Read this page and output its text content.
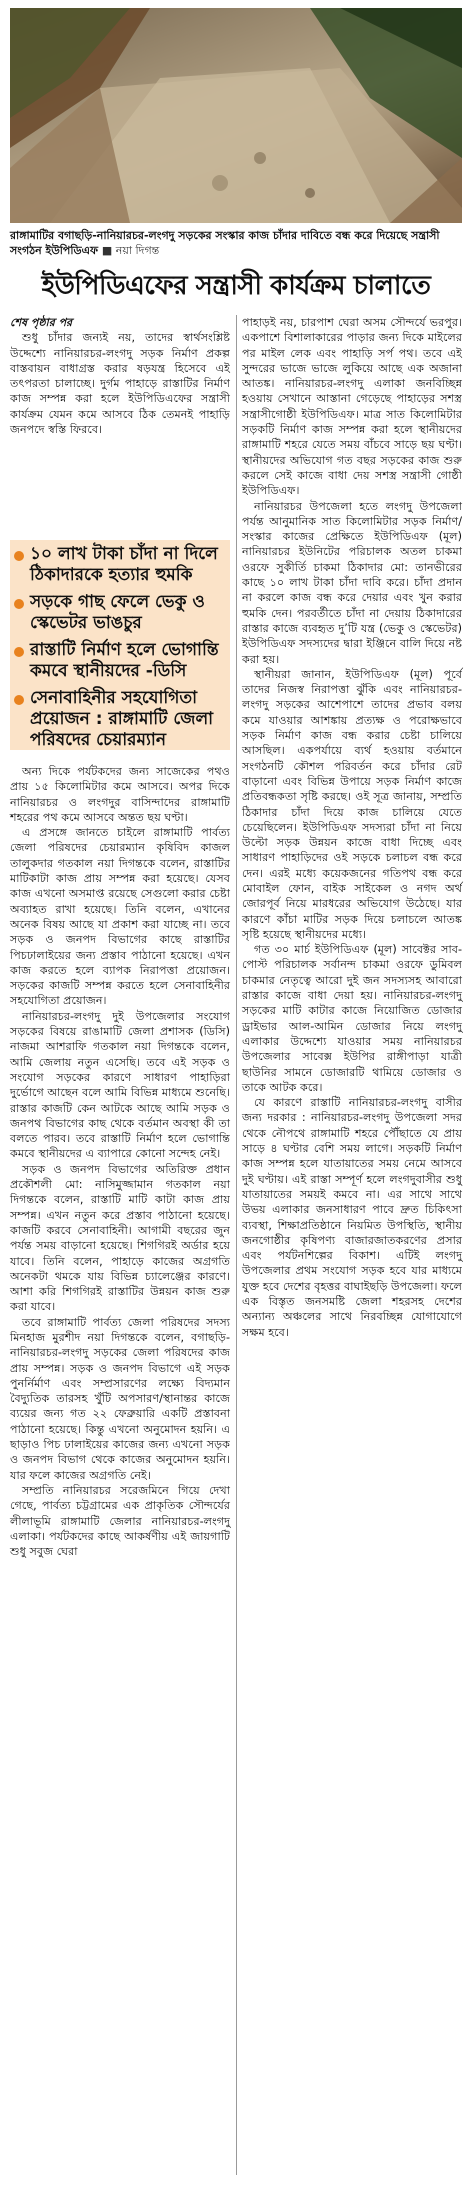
রাঙ্গামাটির বগাছড়ি-নানিয়ারচর-লংগদু সড়কের সংস্কার কাজ চাঁদার দাবিতে বন্ধ করে দিয়েছে সন্ত্রাসী সংগঠন ইউপিডিএফ ■ নয়া দিগন্ত
ইউপিডিএফের সন্ত্রাসী কার্যক্রম চালাতে

শেষ পৃষ্ঠার পর

শুধু চাঁদার জন্যই নয়, তাদের স্বার্থসংশ্লিষ্ট উদ্দেশ্যে নানিয়ারচর-লংগদু সড়ক নির্মাণ প্রকল্প বাস্তবায়ন বাধাগ্রস্ত করার ষড়যন্ত্র হিসেবে এই তৎপরতা চালাচ্ছে। দুর্গম পাহাড়ে রাস্তাটির নির্মাণ কাজ সম্পন্ন করা হলে ইউপিডিএফের সন্ত্রাসী কার্যক্রম যেমন কমে আসবে ঠিক তেমনই পাহাড়ি জনপদে স্বস্তি ফিরবে।

১০ লাখ টাকা চাঁদা না দিলে ঠিকাদারকে হত্যার হুমকি
সড়কে গাছ ফেলে ভেকু ও স্কেভেটর ভাঙচুর
রাস্তাটি নির্মাণ হলে ভোগান্তি কমবে স্থানীয়দের -ডিসি
সেনাবাহিনীর সহযোগিতা প্রয়োজন : রাঙ্গামাটি জেলা পরিষদের চেয়ারম্যান

অন্য দিকে পর্যটকদের জন্য সাজেকের পথও প্রায় ১৫ কিলোমিটার কমে আসবে। অপর দিকে নানিয়ারচর ও লংগদুর বাসিন্দাদের রাঙ্গামাটি শহরের পথ কমে আসবে অন্তত ছয় ঘণ্টা।

এ প্রসঙ্গে জানতে চাইলে রাঙ্গামাটি পার্বত্য জেলা পরিষদের চেয়ারম্যান কৃষিবিদ কাজল তালুকদার গতকাল নয়া দিগন্তকে বলেন, রাস্তাটির মাটিকাটা কাজ প্রায় সম্পন্ন করা হয়েছে। যেসব কাজ এখনো অসমাপ্ত রয়েছে সেগুলো করার চেষ্টা অব্যাহত রাখা হয়েছে। তিনি বলেন, এখানের অনেক বিষয় আছে যা প্রকাশ করা যাচ্ছে না। তবে সড়ক ও জনপদ বিভাগের কাছে রাস্তাটির পিচঢালাইয়ের জন্য প্রস্তাব পাঠানো হয়েছে। এখন কাজ করতে হলে ব্যাপক নিরাপত্তা প্রয়োজন। সড়কের কাজটি সম্পন্ন করতে হলে সেনাবাহিনীর সহযোগিতা প্রয়োজন।

নানিয়ারচর-লংগদু দুই উপজেলার সংযোগ সড়কের বিষয়ে রাঙামাটি জেলা প্রশাসক (ডিসি) নাজমা আশরাফি গতকাল নয়া দিগন্তকে বলেন, আমি জেলায় নতুন এসেছি। তবে এই সড়ক ও সংযোগ সড়কের কারণে সাধারণ পাহাড়িরা দুর্ভোগে আছেন বলে আমি বিভিন্ন মাধ্যমে শুনেছি। রাস্তার কাজটি কেন আটকে আছে আমি সড়ক ও জনপথ বিভাগের কাছ থেকে বর্তমান অবস্থা কী তা বলতে পারব। তবে রাস্তাটি নির্মাণ হলে ভোগান্তি কমবে স্থানীয়দের এ ব্যাপারে কোনো সন্দেহ নেই।

সড়ক ও জনপদ বিভাগের অতিরিক্ত প্রধান প্রকৌশলী মো: নাসিমুজ্জামান গতকাল নয়া দিগন্তকে বলেন, রাস্তাটি মাটি কাটা কাজ প্রায় সম্পন্ন। এখন নতুন করে প্রস্তাব পাঠানো হয়েছে। কাজটি করবে সেনাবাহিনী। আগামী বছরের জুন পর্যন্ত সময় বাড়ানো হয়েছে। শিগগিরই অর্ডার হয়ে যাবে। তিনি বলেন, পাহাড়ে কাজের অগ্রগতি অনেকটা থমকে যায় বিভিন্ন চ্যালেঞ্জের কারণে। আশা করি শিগগিরই রাস্তাটির উন্নয়ন কাজ শুরু করা যাবে।

তবে রাঙ্গামাটি পার্বত্য জেলা পরিষদের সদস্য মিনহাজ মুরশীদ নয়া দিগন্তকে বলেন, বগাছড়ি-নানিয়ারচর-লংগদু সড়কের জেলা পরিষদের কাজ প্রায় সম্পন্ন। সড়ক ও জনপদ বিভাগে এই সড়ক পুনর্নির্মাণ এবং সম্প্রসারণের লক্ষ্যে বিদ্যমান বৈদ্যুতিক তারসহ খুঁটি অপসারণ/স্থানান্তর কাজে ব্যয়ের জন্য গত ২২ ফেব্রুয়ারি একটি প্রস্তাবনা পাঠানো হয়েছে। কিন্তু এখনো অনুমোদন হয়নি। এ ছাড়াও পিচ ঢালাইয়ের কাজের জন্য এখনো সড়ক ও জনপদ বিভাগ থেকে কাজের অনুমোদন হয়নি। যার ফলে কাজের অগ্রগতি নেই।

সম্প্রতি নানিয়ারচর সরেজমিনে গিয়ে দেখা গেছে, পার্বত্য চট্টগ্রামের এক প্রাকৃতিক সৌন্দর্যের লীলাভূমি রাঙ্গামাটি জেলার নানিয়ারচর-লংগদু এলাকা। পর্যটকদের কাছে আকর্ষণীয় এই জায়গাটি শুধু সবুজ ঘেরা

পাহাড়ই নয়, চারপাশ ঘেরা অসম সৌন্দর্যে ভরপুর। একপাশে বিশালাকারের পাড়ার জন্য দিকে মাইলের পর মাইল লেক এবং পাহাড়ি সর্প পথ। তবে এই সুন্দরের ভাজে ভাজে লুকিয়ে আছে এক অজানা আতঙ্ক। নানিয়ারচর-লংগদু এলাকা জনবিচ্ছিন্ন হওয়ায় সেখানে আস্তানা গেড়েছে পাহাড়ের সশস্ত্র সন্ত্রাসীগোষ্ঠী ইউপিডিএফ। মাত্র সাত কিলোমিটার সড়কটি নির্মাণ কাজ সম্পন্ন করা হলে স্থানীয়দের রাঙ্গামাটি শহরে যেতে সময় বাঁচবে সাড়ে ছয় ঘণ্টা। স্থানীয়দের অভিযোগ গত বছর সড়কের কাজ শুরু করলে সেই কাজে বাধা দেয় সশস্ত্র সন্ত্রাসী গোষ্ঠী ইউপিডিএফ।

নানিয়ারচর উপজেলা হতে লংগদু উপজেলা পর্যন্ত আনুমানিক সাত কিলোমিটার সড়ক নির্মাণ/সংস্কার কাজের প্রেক্ষিতে ইউপিডিএফ (মূল) নানিয়ারচর ইউনিটের পরিচালক অতল চাকমা ওরফে সুকীর্তি চাকমা ঠিকাদার মো: তানভীরের কাছে ১০ লাখ টাকা চাঁদা দাবি করে। চাঁদা প্রদান না করলে কাজ বন্ধ করে দেয়ার এবং খুন করার হুমকি দেন। পরবর্তীতে চাঁদা না দেয়ায় ঠিকাদারের রাস্তার কাজে ব্যবহৃত দু’টি যন্ত্র (ভেকু ও স্কেভেটর) ইউপিডিএফ সদস্যদের দ্বারা ইঞ্জিনে বালি দিয়ে নষ্ট করা হয়।

স্থানীয়রা জানান, ইউপিডিএফ (মূল) পূর্বে তাদের নিজস্ব নিরাপত্তা ঝুঁকি এবং নানিয়ারচর-লংগদু সড়কের আশেপাশে তাদের প্রভাব বলয় কমে যাওয়ার আশঙ্কায় প্রত্যক্ষ ও পরোক্ষভাবে সড়ক নির্মাণ কাজ বন্ধ করার চেষ্টা চালিয়ে আসছিল। একপর্যায়ে ব্যর্থ হওয়ায় বর্তমানে সংগঠনটি কৌশল পরিবর্তন করে চাঁদার রেট বাড়ানো এবং বিভিন্ন উপায়ে সড়ক নির্মাণ কাজে প্রতিবন্ধকতা সৃষ্টি করছে। ওই সূত্র জানায়, সম্প্রতি ঠিকাদার চাঁদা দিয়ে কাজ চালিয়ে যেতে চেয়েছিলেন। ইউপিডিএফ সদস্যরা চাঁদা না নিয়ে উল্টো সড়ক উন্নয়ন কাজে বাধা দিচ্ছে এবং সাধারণ পাহাড়িদের ওই সড়কে চলাচল বন্ধ করে দেন। এরই মধ্যে কয়েকজনের গতিপথ বন্ধ করে মোবাইল ফোন, বাইক সাইকেল ও নগদ অর্থ জোরপূর্ব নিয়ে মারধরের অভিযোগ উঠেছে। যার কারণে কাঁচা মাটির সড়ক দিয়ে চলাচলে আতঙ্ক সৃষ্টি হয়েছে স্থানীয়দের মধ্যে।

গত ৩০ মার্চ ইউপিডিএফ (মূল) সাবেক্টর সাব-পোস্ট পরিচালক সর্বানন্দ চাকমা ওরফে ডুমিবল চাকমার নেতৃত্বে আরো দুই জন সদস্যসহ আবারো রাস্তার কাজে বাধা দেয়া হয়। নানিয়ারচর-লংগদু সড়কের মাটি কাটার কাজে নিয়োজিত ডোজার ড্রাইভার আল-আমিন ডোজার নিয়ে লংগদু এলাকার উদ্দেশ্যে যাওয়ার সময় নানিয়ারচর উপজেলার সাবেক্স ইউপির রাঙ্গীপাড়া যাত্রী ছাউনির সামনে ডোজারটি থামিয়ে ডোজার ও তাকে আটক করে।

যে কারণে রাস্তাটি নানিয়ারচর-লংগদু বাসীর জন্য দরকার : নানিয়ারচর-লংগদু উপজেলা সদর থেকে নৌপথে রাঙ্গামাটি শহরে পৌঁছাতে যে প্রায় সাড়ে ৪ ঘণ্টার বেশি সময় লাগে। সড়কটি নির্মাণ কাজ সম্পন্ন হলে যাতায়াতের সময় নেমে আসবে দুই ঘণ্টায়। এই রাস্তা সম্পূর্ণ হলে লংগদুবাসীর শুধু যাতায়াতের সময়ই কমবে না। এর সাথে সাথে উভয় এলাকার জনসাধারণ পাবে দ্রুত চিকিৎসা ব্যবস্থা, শিক্ষাপ্রতিষ্ঠানে নিয়মিত উপস্থিতি, স্থানীয় জনগোষ্ঠীর কৃষিপণ্য বাজারজাতকরণের প্রসার এবং পর্যটনশিল্পের বিকাশ। এটিই লংগদু উপজেলার প্রথম সংযোগ সড়ক হবে যার মাধ্যমে যুক্ত হবে দেশের বৃহত্তর বাঘাইছড়ি উপজেলা। ফলে এক বিস্তৃত জনসমষ্টি জেলা শহরসহ দেশের অন্যান্য অঞ্চলের সাথে নিরবচ্ছিন্ন যোগাযোগে সক্ষম হবে।
